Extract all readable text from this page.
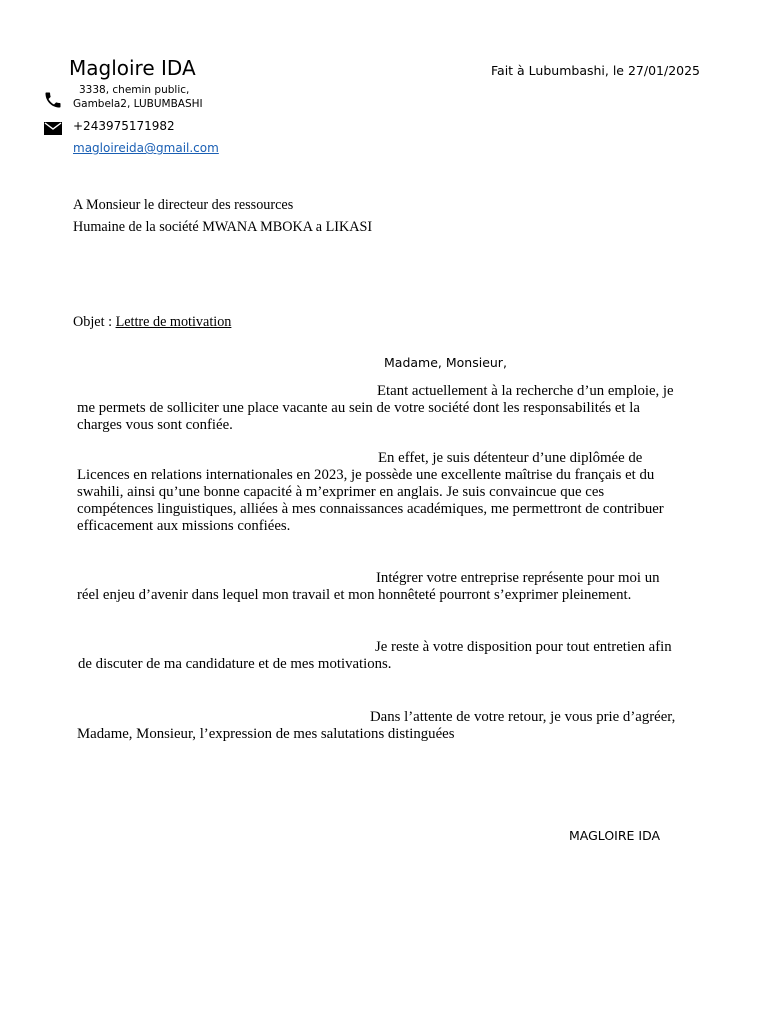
Magloire IDA	Fait à Lubumbashi, le 27/01/2025
3338, chemin public,
Gambela2, LUBUMBASHI
+243975171982
magloireida@gmail.com
A Monsieur le directeur des ressources
Humaine de la société MWANA MBOKA a LIKASI
Objet : Lettre de motivation
Madame, Monsieur,
Etant actuellement à la recherche d’un emploie, je
me permets de solliciter une place vacante au sein de votre société dont les responsabilités et la
charges vous sont confiée.
En effet, je suis détenteur d’une diplômée de
Licences en relations internationales en 2023, je possède une excellente maîtrise du français et du
swahili, ainsi qu’une bonne capacité à m’exprimer en anglais. Je suis convaincue que ces
compétences linguistiques, alliées à mes connaissances académiques, me permettront de contribuer
efficacement aux missions confiées.
Intégrer votre entreprise représente pour moi un
réel enjeu d’avenir dans lequel mon travail et mon honnêteté pourront s’exprimer pleinement.
Je reste à votre disposition pour tout entretien afin
de discuter de ma candidature et de mes motivations.
Dans l’attente de votre retour, je vous prie d’agréer,
Madame, Monsieur, l’expression de mes salutations distinguées
MAGLOIRE IDA
